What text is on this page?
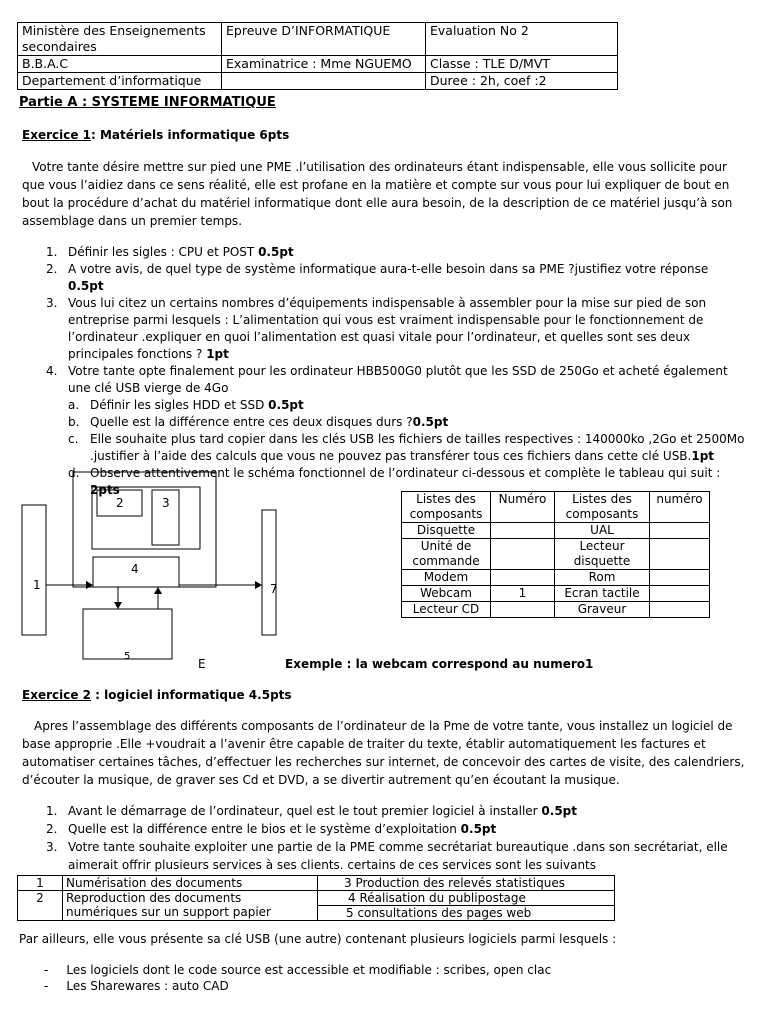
Ministère des Enseignements secondaires	Epreuve D’INFORMATIQUE	Evaluation No 2
B.B.A.C	Examinatrice : Mme NGUEMO	Classe : TLE D/MVT
Departement d’informatique		Duree : 2h, coef :2
Partie A : SYSTEME INFORMATIQUE
Exercice 1: Matériels informatique 6pts
Votre tante désire mettre sur pied une PME .l’utilisation des ordinateurs étant indispensable, elle vous sollicite pour que vous l’aidiez dans ce sens réalité, elle est profane en la matière et compte sur vous pour lui expliquer de bout en bout la procédure d’achat du matériel informatique dont elle aura besoin, de la description de ce matériel jusqu’à son assemblage dans un premier temps.
1. Définir les sigles : CPU et POST 0.5pt
2. A votre avis, de quel type de système informatique aura-t-elle besoin dans sa PME ?justifiez votre réponse 0.5pt
3. Vous lui citez un certains nombres d’équipements indispensable à assembler pour la mise sur pied de son entreprise parmi lesquels : L’alimentation qui vous est vraiment indispensable pour le fonctionnement de l’ordinateur .expliquer en quoi l’alimentation est quasi vitale pour l’ordinateur, et quelles sont ses deux principales fonctions ? 1pt
4. Votre tante opte finalement pour les ordinateur HBB500G0 plutôt que les SSD de 250Go et acheté également une clé USB vierge de 4Go
a. Définir les sigles HDD et SSD 0.5pt
b. Quelle est la différence entre ces deux disques durs ?0.5pt
c. Elle souhaite plus tard copier dans les clés USB les fichiers de tailles respectives : 140000ko ,2Go et 2500Mo .justifier à l’aide des calculs que vous ne pouvez pas transférer tous ces fichiers dans cette clé USB.1pt
d. Observe attentivement le schéma fonctionnel de l’ordinateur ci-dessous et complète le tableau qui suit : 2pts
2	3
4
5
1	7
E
Listes des composants	Numéro	Listes des composants	numéro
Disquette		UAL	
Unité de commande		Lecteur disquette	
Modem		Rom	
Webcam	1	Ecran tactile	
Lecteur CD		Graveur	
Exemple : la webcam correspond au numero1
Exercice 2 : logiciel informatique 4.5pts
Apres l’assemblage des différents composants de l’ordinateur de la Pme de votre tante, vous installez un logiciel de base approprie .Elle +voudrait a l’avenir être capable de traiter du texte, établir automatiquement les factures et automatiser certaines tâches, d’effectuer les recherches sur internet, de concevoir des cartes de visite, des calendriers, d’écouter la musique, de graver ses Cd et DVD, a se divertir autrement qu’en écoutant la musique.
1. Avant le démarrage de l’ordinateur, quel est le tout premier logiciel à installer 0.5pt
2. Quelle est la différence entre le bios et le système d’exploitation 0.5pt
3. Votre tante souhaite exploiter une partie de la PME comme secrétariat bureautique .dans son secrétariat, elle aimerait offrir plusieurs services à ses clients. certains de ces services sont les suivants
1	Numérisation des documents	3 Production des relevés statistiques
2	Reproduction des documents numériques sur un support papier	4 Réalisation du publipostage
		5 consultations des pages web
Par ailleurs, elle vous présente sa clé USB (une autre) contenant plusieurs logiciels parmi lesquels :
- Les logiciels dont le code source est accessible et modifiable : scribes, open clac
- Les Sharewares : auto CAD
